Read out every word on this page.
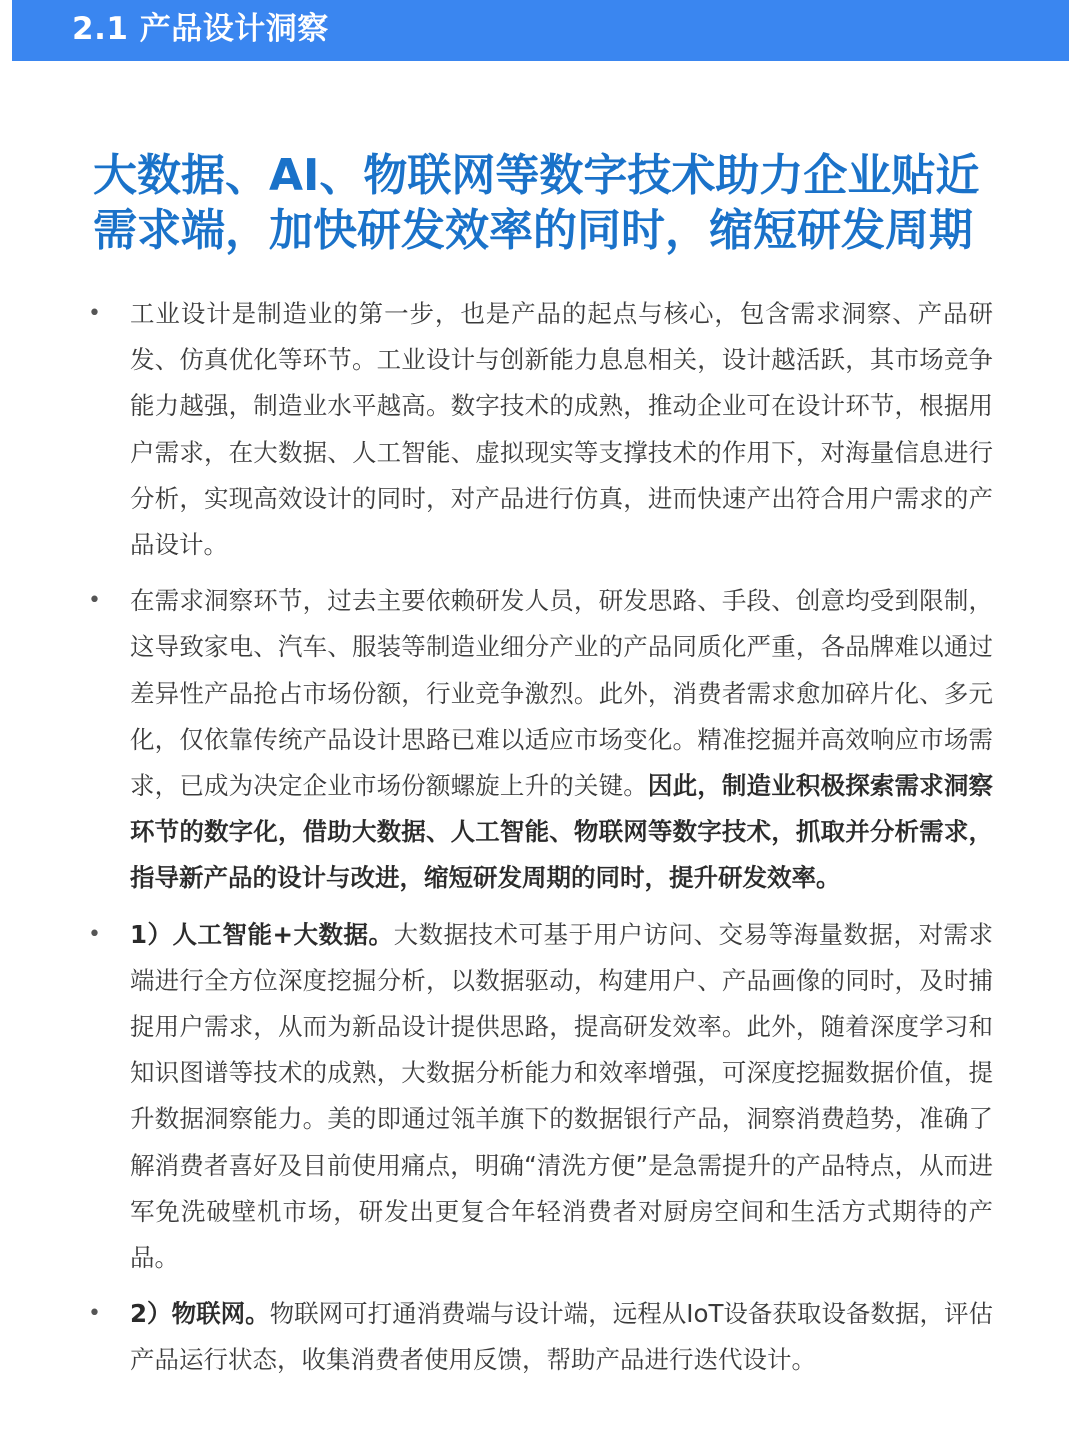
2.1 产品设计洞察
大数据、AI、物联网等数字技术助力企业贴近需求端，加快研发效率的同时，缩短研发周期
• 工业设计是制造业的第一步，也是产品的起点与核心，包含需求洞察、产品研发、仿真优化等环节。工业设计与创新能力息息相关，设计越活跃，其市场竞争能力越强，制造业水平越高。数字技术的成熟，推动企业可在设计环节，根据用户需求，在大数据、人工智能、虚拟现实等支撑技术的作用下，对海量信息进行分析，实现高效设计的同时，对产品进行仿真，进而快速产出符合用户需求的产品设计。
• 在需求洞察环节，过去主要依赖研发人员，研发思路、手段、创意均受到限制，这导致家电、汽车、服装等制造业细分产业的产品同质化严重，各品牌难以通过差异性产品抢占市场份额，行业竞争激烈。此外，消费者需求愈加碎片化、多元化，仅依靠传统产品设计思路已难以适应市场变化。精准挖掘并高效响应市场需求，已成为决定企业市场份额螺旋上升的关键。因此，制造业积极探索需求洞察环节的数字化，借助大数据、人工智能、物联网等数字技术，抓取并分析需求，指导新产品的设计与改进，缩短研发周期的同时，提升研发效率。
• 1）人工智能+大数据。大数据技术可基于用户访问、交易等海量数据，对需求端进行全方位深度挖掘分析，以数据驱动，构建用户、产品画像的同时，及时捕捉用户需求，从而为新品设计提供思路，提高研发效率。此外，随着深度学习和知识图谱等技术的成熟，大数据分析能力和效率增强，可深度挖掘数据价值，提升数据洞察能力。美的即通过瓴羊旗下的数据银行产品，洞察消费趋势，准确了解消费者喜好及目前使用痛点，明确“清洗方便”是急需提升的产品特点，从而进军免洗破壁机市场，研发出更复合年轻消费者对厨房空间和生活方式期待的产品。
• 2）物联网。物联网可打通消费端与设计端，远程从IoT设备获取设备数据，评估产品运行状态，收集消费者使用反馈，帮助产品进行迭代设计。
